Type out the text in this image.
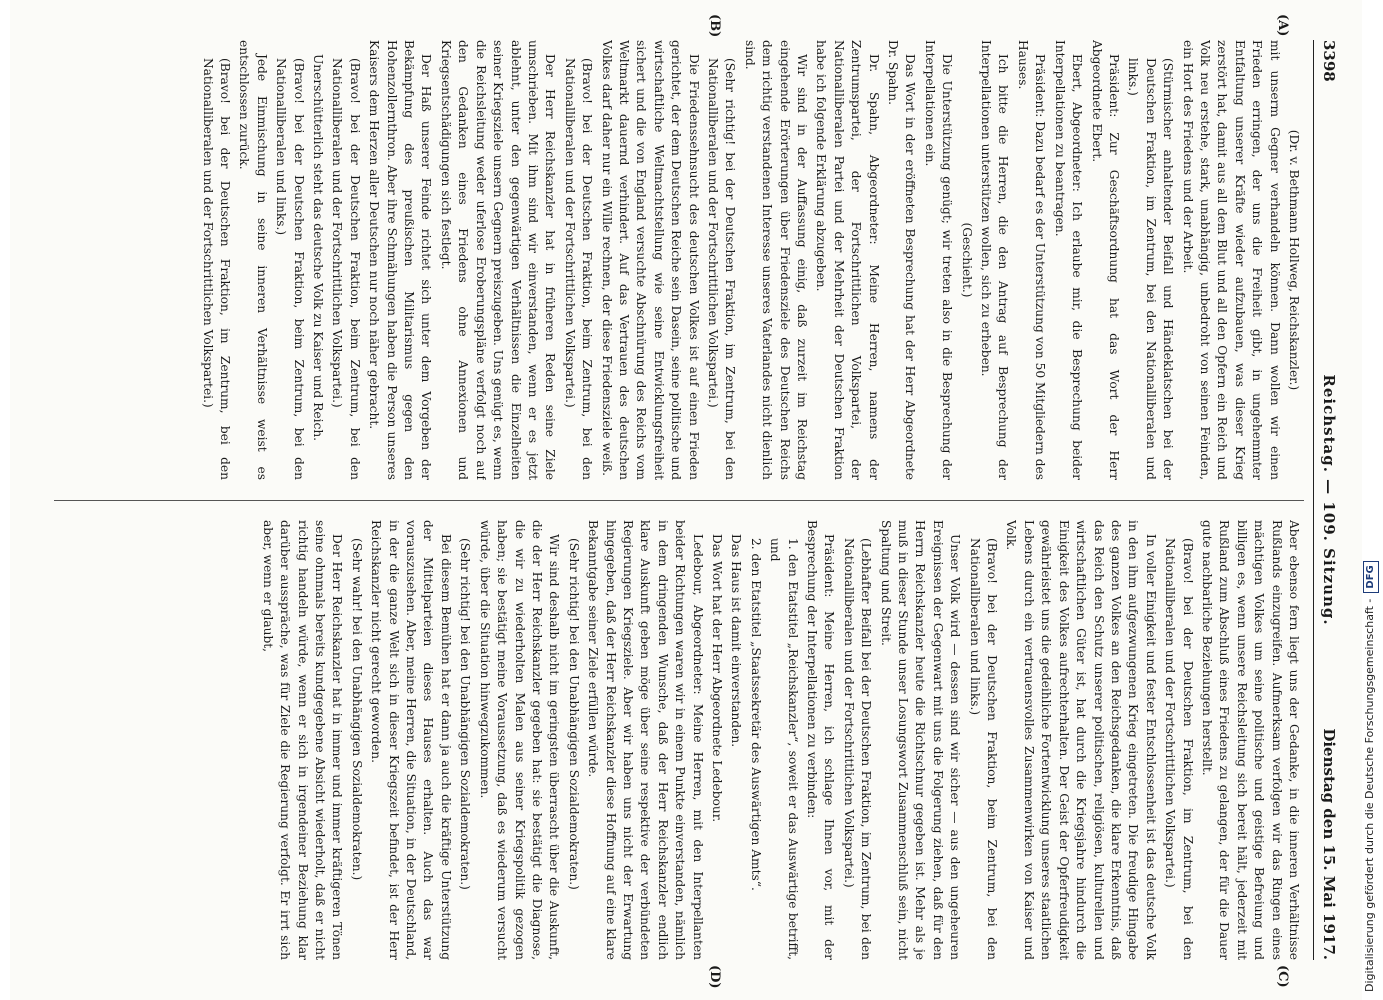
3398
Reichstag. — 109. Sitzung.
Dienstag den 15. Mai 1917.
(A)
(B)
(C)
(D)

(Dr. v. Bethmann Hollweg, Reichskanzler.)

mit unserm Gegner verhandeln können. Dann wollen wir einen Frieden erringen, der uns die Freiheit gibt, in ungehemmter Entfaltung unserer Kräfte wieder aufzubauen, was dieser Krieg zerstört hat, damit aus all dem Blut und all den Opfern ein Reich und Volk neu erstehe, stark, unabhängig, unbedroht von seinen Feinden, ein Hort des Friedens und der Arbeit.

(Stürmischer anhaltender Beifall und Händeklatschen bei der Deutschen Fraktion, im Zentrum, bei den Nationalliberalen und links.)

Präsident: Zur Geschäftsordnung hat das Wort der Herr Abgeordnete Ebert.

Ebert, Abgeordneter: Ich erlaube mir, die Besprechung beider Interpellationen zu beantragen.

Präsident: Dazu bedarf es der Unterstützung von 50 Mitgliedern des Hauses.

Ich bitte die Herren, die den Antrag auf Besprechung der Interpellationen unterstützen wollen, sich zu erheben.

(Geschieht.)

Die Unterstützung genügt; wir treten also in die Besprechung der Interpellationen ein.

Das Wort in der eröffneten Besprechung hat der Herr Abgeordnete Dr. Spahn.

Dr. Spahn, Abgeordneter: Meine Herren, namens der Zentrumspartei, der Fortschrittlichen Volkspartei, der Nationalliberalen Partei und der Mehrheit der Deutschen Fraktion habe ich folgende Erklärung abzugeben.

Wir sind in der Auffassung einig, daß zurzeit im Reichstag eingehende Erörterungen über Friedensziele des Deutschen Reichs dem richtig verstandenen Interesse unseres Vaterlandes nicht dienlich sind.

(Sehr richtig! bei der Deutschen Fraktion, im Zentrum, bei den Nationalliberalen und der Fortschrittlichen Volkspartei.)

Die Friedenssehnsucht des deutschen Volkes ist auf einen Frieden gerichtet, der dem Deutschen Reiche sein Dasein, seine politische und wirtschaftliche Weltmachtstellung wie seine Entwicklungsfreiheit sichert und die von England versuchte Abschnürung des Reichs vom Weltmarkt dauernd verhindert. Auf das Vertrauen des deutschen Volkes darf daher nur ein Wille rechnen, der diese Friedensziele weiß.

(Bravo! bei der Deutschen Fraktion, beim Zentrum, bei den Nationalliberalen und der Fortschrittlichen Volkspartei.)

Der Herr Reichskanzler hat in früheren Reden seine Ziele umschrieben. Mit ihm sind wir einverstanden, wenn er es jetzt ablehnt, unter den gegenwärtigen Verhältnissen die Einzelheiten seiner Kriegsziele unsern Gegnern preiszugeben. Uns genügt es, wenn die Reichsleitung weder uferlose Eroberungspläne verfolgt noch auf den Gedanken eines Friedens ohne Annexionen und Kriegsentschädigungen sich festlegt.

Der Haß unserer Feinde richtet sich unter dem Vorgeben der Bekämpfung des preußischen Militarismus gegen den Hohenzollernthron. Aber ihre Schmähungen haben die Person unseres Kaisers dem Herzen aller Deutschen nur noch näher gebracht.

(Bravo! bei der Deutschen Fraktion, beim Zentrum, bei den Nationalliberalen und der Fortschrittlichen Volkspartei.)

Unerschütterlich steht das deutsche Volk zu Kaiser und Reich.

(Bravo! bei der Deutschen Fraktion, beim Zentrum, bei den Nationalliberalen und links.)

Jede Einmischung in seine inneren Verhältnisse weist es entschlossen zurück.

(Bravo! bei der Deutschen Fraktion, im Zentrum, bei den Nationalliberalen und der Fortschrittlichen Volkspartei.)

Aber ebenso fern liegt uns der Gedanke, in die inneren Verhältnisse Rußlands einzugreifen. Aufmerksam verfolgen wir das Ringen eines mächtigen Volkes um seine politische und geistige Befreiung und billigen es, wenn unsere Reichsleitung sich bereit hält, jederzeit mit Rußland zum Abschluß eines Friedens zu gelangen, der für die Dauer gute nachbarliche Beziehungen herstellt.

(Bravo! bei der Deutschen Fraktion, im Zentrum, bei den Nationalliberalen und der Fortschrittlichen Volkspartei.)

In voller Einigkeit und fester Entschlossenheit ist das deutsche Volk in den ihm aufgezwungenen Krieg eingetreten. Die freudige Hingabe des ganzen Volkes an den Reichsgedanken, die klare Erkenntnis, daß das Reich den Schutz unserer politischen, religiösen, kulturellen und wirtschaftlichen Güter ist, hat durch die Kriegsjahre hindurch die Einigkeit des Volkes aufrechterhalten. Der Geist der Opferfreudigkeit gewährleistet uns die gedeihliche Fortentwicklung unseres staatlichen Lebens durch ein vertrauensvolles Zusammenwirken von Kaiser und Volk.

(Bravo! bei der Deutschen Fraktion, beim Zentrum, bei den Nationalliberalen und links.)

Unser Volk wird — dessen sind wir sicher — aus den ungeheuren Ereignissen der Gegenwart mit uns die Folgerung ziehen, daß für den Herrn Reichskanzler heute die Richtschnur gegeben ist. Mehr als je muß in dieser Stunde unser Losungswort Zusammenschluß sein, nicht Spaltung und Streit.

(Lebhafter Beifall bei der Deutschen Fraktion, im Zentrum, bei den Nationalliberalen und der Fortschrittlichen Volkspartei.)

Präsident: Meine Herren, ich schlage Ihnen vor, mit der Besprechung der Interpellationen zu verbinden:

1. den Etatstitel „Reichskanzler“, soweit er das Auswärtige betrifft, und

2. den Etatstitel „Staatssekretär des Auswärtigen Amts“.

Das Haus ist damit einverstanden.

Das Wort hat der Herr Abgeordnete Ledebour.

Ledebour, Abgeordneter: Meine Herren, mit den Interpellanten beider Richtungen waren wir in einem Punkte einverstanden, nämlich in dem dringenden Wunsche, daß der Herr Reichskanzler endlich klare Auskunft geben möge über seine respektive der verbündeten Regierungen Kriegsziele. Aber wir haben uns nicht der Erwartung hingegeben, daß der Herr Reichskanzler diese Hoffnung auf eine klare Bekanntgabe seiner Ziele erfüllen würde.

(Sehr richtig! bei den Unabhängigen Sozialdemokraten.)

Wir sind deshalb nicht im geringsten überrascht über die Auskunft, die der Herr Reichskanzler gegeben hat: sie bestätigt die Diagnose, die wir zu wiederholten Malen aus seiner Kriegspolitik gezogen haben; sie bestätigt meine Voraussetzung, daß es wiederum versucht würde, über die Situation hinwegzukommen.

(Sehr richtig! bei den Unabhängigen Sozialdemokraten.)

Bei diesem Bemühen hat er dann ja auch die kräftige Unterstützung der Mittelparteien dieses Hauses erhalten. Auch das war vorauszusehen. Aber, meine Herren, die Situation, in der Deutschland, in der die ganze Welt sich in dieser Kriegszeit befindet, ist der Herr Reichskanzler nicht gerecht geworden.

(Sehr wahr! bei den Unabhängigen Sozialdemokraten.)

Der Herr Reichskanzler hat in immer und immer kräftigeren Tönen seine ohnmals bereits kundgegebene Absicht wiederholt, daß er nicht richtig handeln würde, wenn er sich in irgendeiner Beziehung klar darüber ausspräche, was für Ziele die Regierung verfolgt. Er irrt sich aber, wenn er glaubt,

Digitalisierung gefördert durch die Deutsche Forschungsgemeinschaft -DFG
